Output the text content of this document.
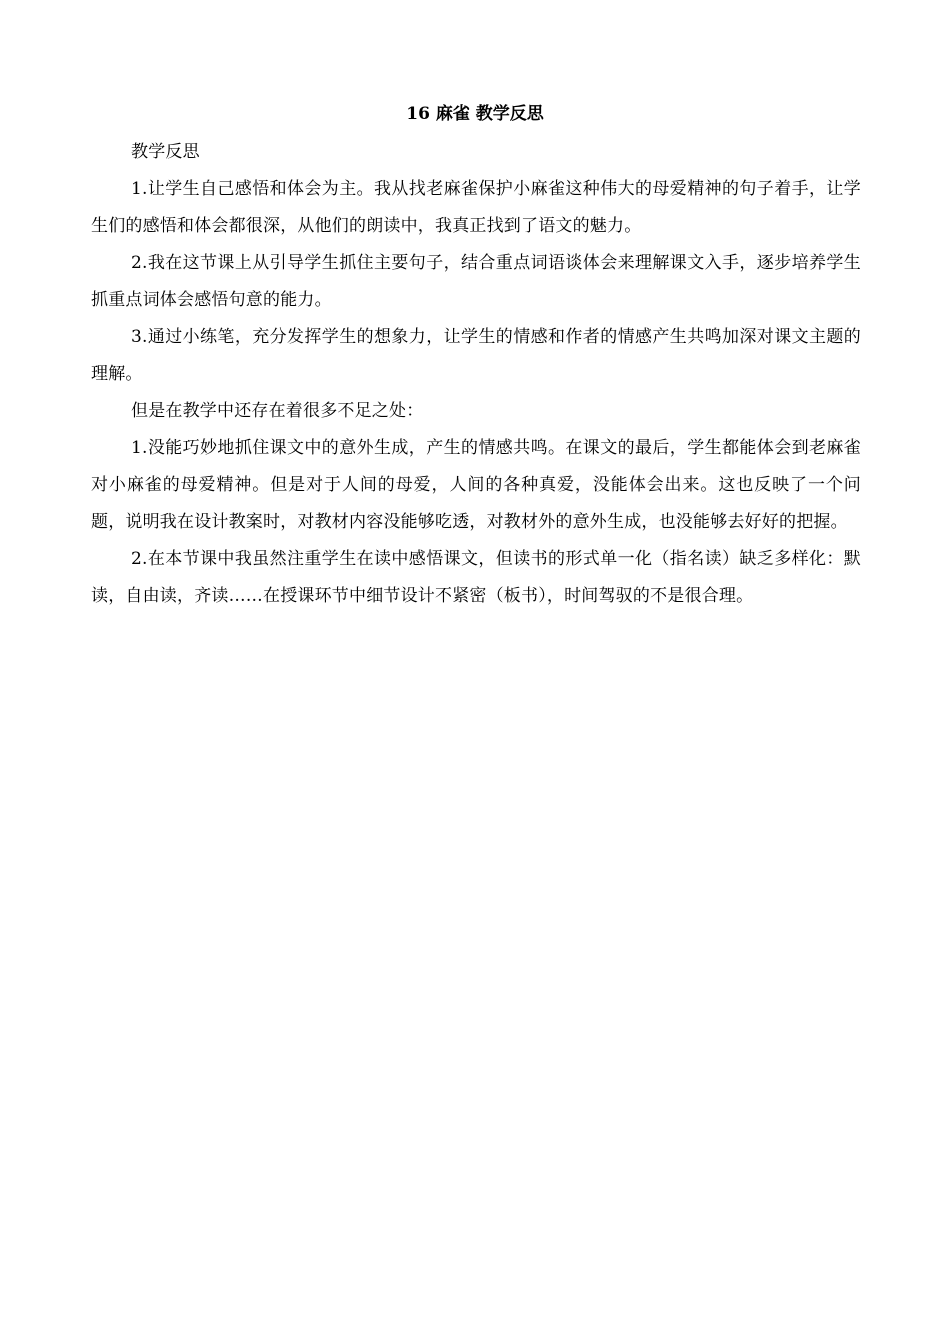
16 麻雀 教学反思

教学反思

1.让学生自己感悟和体会为主。我从找老麻雀保护小麻雀这种伟大的母爱精神的句子着手，让学生们的感悟和体会都很深，从他们的朗读中，我真正找到了语文的魅力。

2.我在这节课上从引导学生抓住主要句子，结合重点词语谈体会来理解课文入手，逐步培养学生抓重点词体会感悟句意的能力。

3.通过小练笔，充分发挥学生的想象力，让学生的情感和作者的情感产生共鸣加深对课文主题的理解。

但是在教学中还存在着很多不足之处：

1.没能巧妙地抓住课文中的意外生成，产生的情感共鸣。在课文的最后，学生都能体会到老麻雀对小麻雀的母爱精神。但是对于人间的母爱，人间的各种真爱，没能体会出来。这也反映了一个问题，说明我在设计教案时，对教材内容没能够吃透，对教材外的意外生成，也没能够去好好的把握。

2.在本节课中我虽然注重学生在读中感悟课文，但读书的形式单一化（指名读）缺乏多样化：默读，自由读，齐读……在授课环节中细节设计不紧密（板书），时间驾驭的不是很合理。
